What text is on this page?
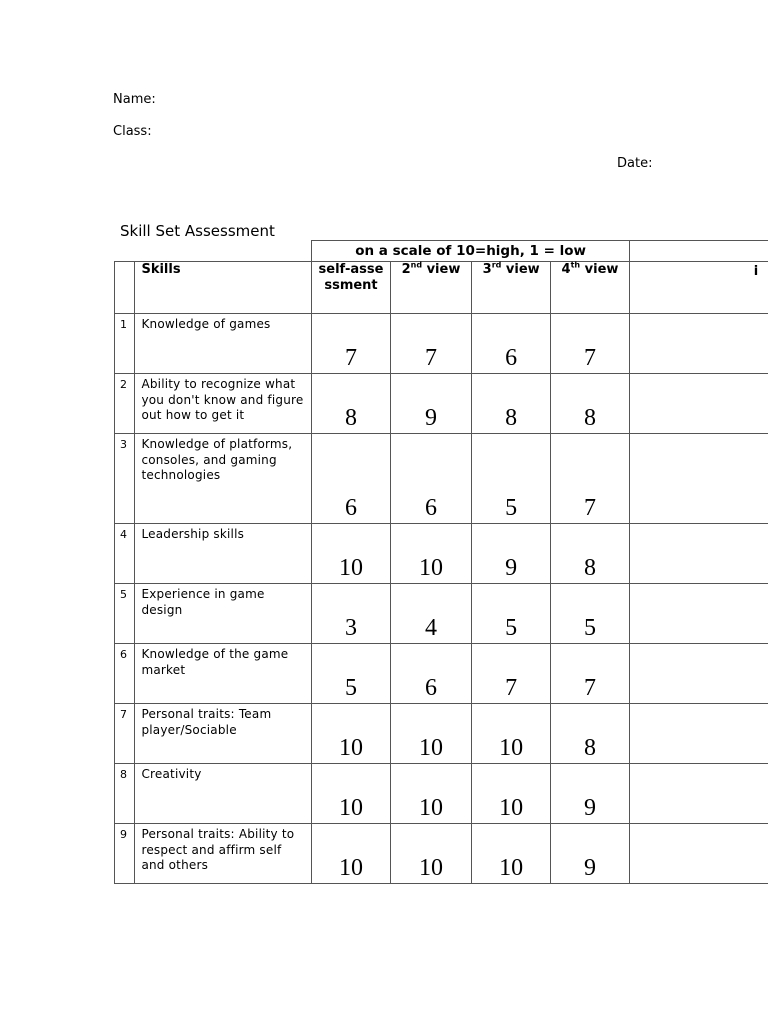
Name:
Class:
Date:
Skill Set Assessment
		on a scale of 10=high, 1 = low				
	Skills	self-assessment	2nd view	3rd view	4th view	i
1	Knowledge of games	7	7	6	7	
2	Ability to recognize what you don't know and figure out how to get it	8	9	8	8	
3	Knowledge of platforms, consoles, and gaming technologies	6	6	5	7	
4	Leadership skills	10	10	9	8	
5	Experience in game design	3	4	5	5	
6	Knowledge of the game market	5	6	7	7	
7	Personal traits: Team player/Sociable	10	10	10	8	
8	Creativity	10	10	10	9	
9	Personal traits: Ability to respect and affirm self and others	10	10	10	9	
